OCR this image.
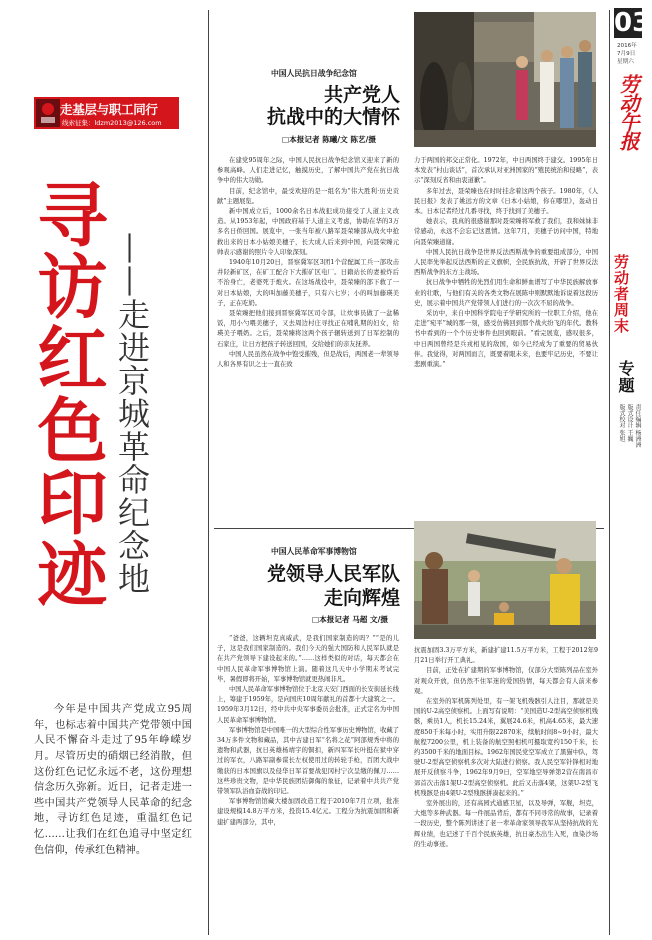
走基层与职工同行
线索征集：ldzm2013@126.com
寻访红色印迹 ——走进京城革命纪念地

今年是中国共产党成立95周年，也标志着中国共产党带领中国人民不懈奋斗走过了95年峥嵘岁月。尽管历史的硝烟已经消散，但这份红色记忆永远不老，这份理想信念历久弥新。近日，记者走进一些中国共产党领导人民革命的纪念地，寻访红色足迹，重温红色记忆……让我们在红色追寻中坚定红色信仰，传承红色精神。

中国人民抗日战争纪念馆
共产党人
抗战中的大情怀
□本报记者 陈曦/文 陈艺/摄

在建党95周年之际，中国人民抗日战争纪念馆又迎来了新的参观高峰。人们走进记忆，触摸历史，了解中国共产党在抗日战争中的伟大功勋。

目前，纪念馆中，最受欢迎的是一组名为“伟大胜利·历史贡献”主题展览。

新中国成立后，1000余名日本战犯成功接受了人道主义改造。从1953年起，中国政府基于人道主义考虑，协助在华的3万多名日侨回国。展览中，一张当年被八路军聂荣臻部从战火中抢救出来的日本小姑娘美穗子，长大成人后来到中国，向聂荣臻元帅表示感谢的照片令人印象深刻。

1940年10月20日，晋察冀军区3团1个营配属工兵一部攻击井陉新矿区，在矿工配合下大摧矿区电厂。日籍站长的妻被炸后不治身亡，老婆死于炮火。在这场战役中，聂荣臻的部下救了一对日本姑娘，大的叫加藤美穗子，只有六七岁；小的叫加藤瑛美子，正在吃奶。

聂荣臻把他们接到晋察冀军区司令部，让炊事员做了一盆稀饭，用小勺喂美穗子，又去周边村庄寻找正在哺乳期的妇女，给瑛美子喂奶。之后，聂荣臻将这两个孩子辗转送到了日军控制的石家庄，让日方把孩子转送回国，交给她们的亲友抚养。

中国人民虽然在战争中饱受摧残，但是战后，两国老一辈领导人和各界有识之士一直在致

力于两国的邦交正常化。1972年，中日两国终于建交。1995年日本发表“村山谈话”，首次承认对亚洲国家的“殖民统治和侵略”，表示“深刻反省和由衷道歉”。

多年过去，聂荣臻也在时时挂念着这两个孩子。1980年，《人民日报》发表了姚远方的文章《日本小姑娘，你在哪里》，轰动日本。日本记者经过几番寻找，终于找到了美穗子。

她表示，我真的很感谢那时聂荣臻将军救了我们，我和妹妹非常感动，永远不会忘记这恩情。这年7月，美穗子访问中国，特地向聂荣臻道谢。

中国人民抗日战争是世界反法西斯战争的重要组成部分，中国人民率先举起反法西斯的正义旗帜，全民族抗战，开辟了世界反法西斯战争的东方主战场。

抗日战争中牺牲的先烈们用生命和鲜血谱写了中华民族解放事业的壮歌，与他们有关的各类文物在展陈中则默默地诉说着这段历史，展示着中国共产党带领人们进行的一次次不屈的战争。

采访中，来自中国科学院电子学研究所的一位职工介绍，他在走进“宛平”城的那一刻，感受仿佛回到那个战火纷飞的年代。教科书中看到的一个个历史事件也回到眼前。“看完展览，感叹很多，中日两国曾经是兵戎相见的敌国，如今已经成为了重要的贸易伙伴。我觉得，对两国而言，既要着眼未来，也要牢记历史，不要让悲剧重演。”

中国人民革命军事博物馆
党领导人民军队
走向辉煌
□本报记者 马超 文/摄

“爸爸，这辆坦克真威武，是我们国家制造的吗？”“是的儿子，这是我们国家制造的。我们今天的强大国防和人民军队就是在共产党领导下建设起来的。”……这样类似的对话，每天都会在中国人民革命军事博物馆上演。随着这几天中小学期末考试完毕，暑假即将开始，军事博物馆就更热闹非凡。

中国人民革命军事博物馆位于北京天安门西面的长安街延长线上，筹建于1959年，是向国庆10周年献礼的首都十大建筑之一。1959年3月12日，经中共中央军事委员会批准，正式定名为中国人民革命军事博物馆。

军事博物馆是中国唯一的大型综合性军事历史博物馆，收藏了34万多件文物和藏品，其中古建日军“名将之花”阿部规秀中将的遗物和武器，抗日英雄杨靖宇的铜扣，新四军军长叶挺在狱中穿过的军衣，八路军副参谋长左权使用过的转轮手枪，百团大战中缴获的日本国旗以及侵华日军首要战犯冈村宁次呈缴的佩刀……这些珍贵文物，是中华民族团结御侮的象征，记录着中共共产党带领军队浴血奋战的印记。

军事博物馆馆藏大楼加固改造工程于2010年7月立项，批准建设规模14.8万平方米，投资15.4亿元。工程分为抗震加固和新建扩建两部分，其中，

抗震加固3.3万平方米，新建扩建11.5万平方米，工程于2012年9月21日举行开工典礼。

目前，正处在扩建期的军事博物馆，仅部分大型陈列品在室外对观众开放，但仍然不住军迷的爱国热情，每天都会有人前来参观。

在室外的军机陈列处里，有一架飞机残骸引人注目，那就是美国的U-2高空侦察机。上面写有说明：“美国造U-2型高空侦察机残骸，乘员1人，机长15.24米，翼展24.6米，机高4.65米，最大速度850千米每小时，实用升限22870米，续航时间8~9小时，最大航程7200公里，机上装备的航空照相机可摄取宽约150千米，长约3500千米的地面目标。1962年国民党空军成立了黑猫中队，驾驶U-2型高空侦察机多次对大陆进行侦察。我人民空军针锋相对地展开反侦察斗争，1962年9月9日，空军地空导弹第2营在南昌市郊首次击落1架U-2型高空侦察机。此后又击落4架，这架U-2型飞机残骸是由4架U-2型残骸拼凑起来的。”

室外展出的，还有高园式通感卫星，以及导弹，军舰，坦克，大炮等多种武器。每一件展品背后，都有不同寻常的故事，记录着一段历史，整个陈列讲述了老一辈革命家领导我军从坚持抗战的光辉业绩，也记述了千百个民族英雄，抗日豪杰出生入死，血染沙场的生动事迹。

03
2016年
7月9日
星期六
劳动午报
劳动者周末
专题
责任编辑 杨洲洲
版式设计 王巍
版式校对 张旭
